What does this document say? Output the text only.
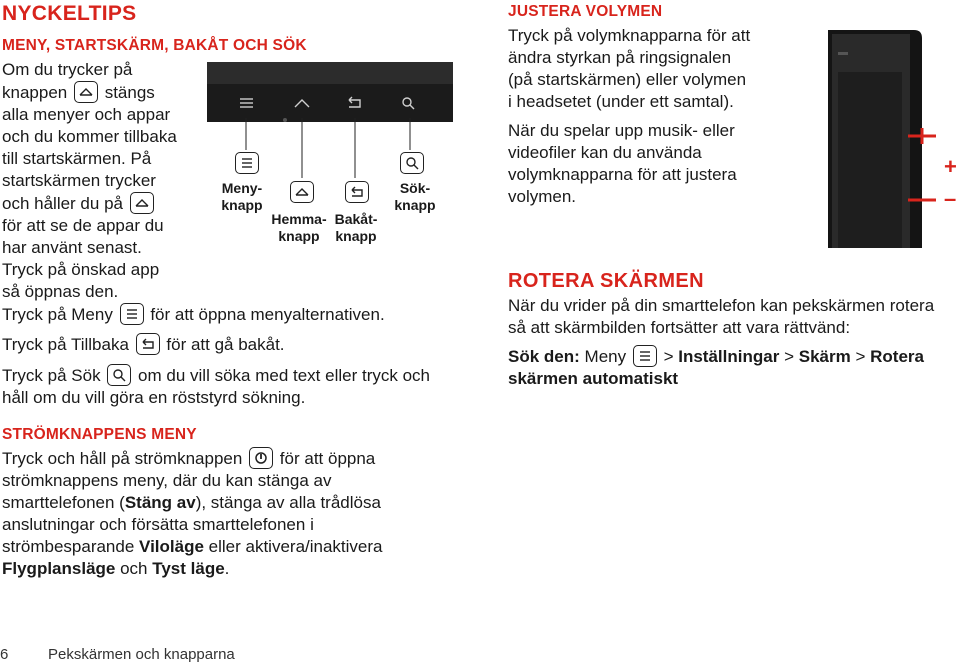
NYCKELTIPS
MENY, STARTSKÄRM, BAKÅT OCH SÖK
Om du trycker på
knappen stängs
alla menyer och appar
och du kommer tillbaka
till startskärmen. På
startskärmen trycker
och håller du på
för att se de appar du
har använt senast.
Tryck på önskad app
så öppnas den.
Meny-
knapp
Hemma-
knapp
Bakåt-
knapp
Sök-
knapp
Tryck på Meny för att öppna menyalternativen.
Tryck på Tillbaka för att gå bakåt.
Tryck på Sök om du vill söka med text eller tryck och
håll om du vill göra en röststyrd sökning.
STRÖMKNAPPENS MENY
Tryck och håll på strömknappen för att öppna
strömknappens meny, där du kan stänga av
smarttelefonen (Stäng av), stänga av alla trådlösa
anslutningar och försätta smarttelefonen i
strömbesparande Viloläge eller aktivera/inaktivera
Flygplansläge och Tyst läge.
JUSTERA VOLYMEN
Tryck på volymknapparna för att
ändra styrkan på ringsignalen
(på startskärmen) eller volymen
i headsetet (under ett samtal).
När du spelar upp musik- eller
videofiler kan du använda
volymknapparna för att justera
volymen.
+
–
ROTERA SKÄRMEN
När du vrider på din smarttelefon kan pekskärmen rotera
så att skärmbilden fortsätter att vara rättvänd:
Sök den: Meny > Inställningar > Skärm > Rotera
skärmen automatiskt
6	Pekskärmen och knapparna
